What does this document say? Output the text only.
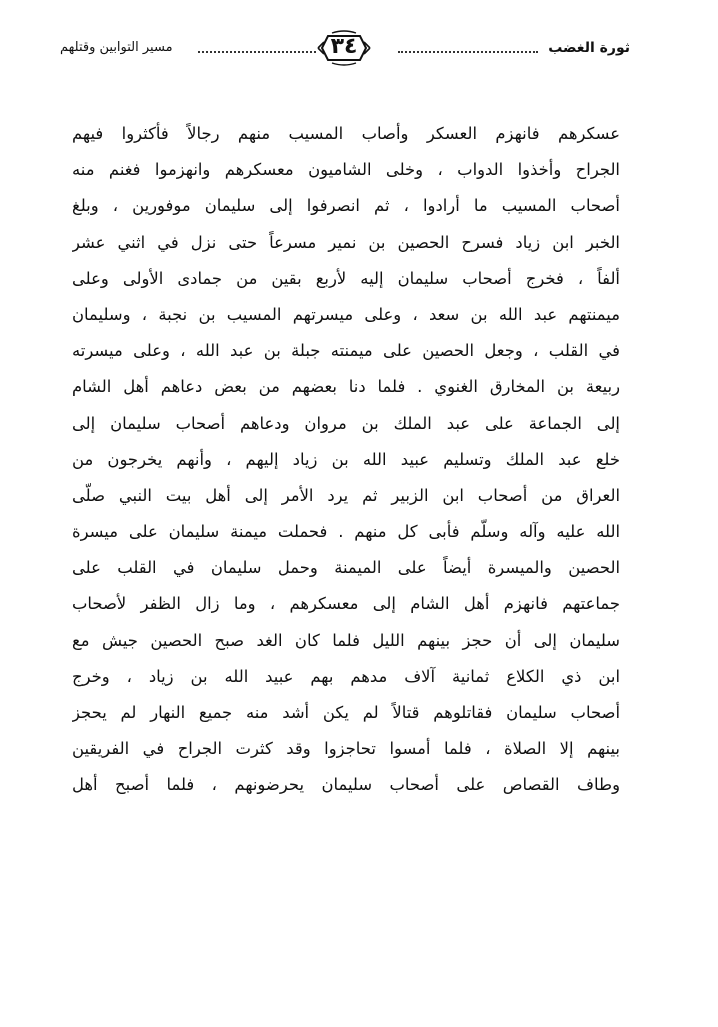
ثورة الغضب
٣٤
مسير التوابين وقتلهم
عسكرهم فانهزم العسكر وأصاب المسيب منهم رجالاً فأكثروا فيهم
الجراح وأخذوا الدواب ، وخلى الشاميون معسكرهم وانهزموا فغنم منه
أصحاب المسيب ما أرادوا ، ثم انصرفوا إلى سليمان موفورين ، وبلغ
الخبر ابن زياد فسرح الحصين بن نمير مسرعاً حتى نزل في اثني عشر
ألفاً ، فخرج أصحاب سليمان إليه لأربع بقين من جمادى الأولى وعلى
ميمنتهم عبد الله بن سعد ، وعلى ميسرتهم المسيب بن نجبة ، وسليمان
في القلب ، وجعل الحصين على ميمنته جبلة بن عبد الله ، وعلى ميسرته
ربيعة بن المخارق الغنوي . فلما دنا بعضهم من بعض دعاهم أهل الشام
إلى الجماعة على عبد الملك بن مروان ودعاهم أصحاب سليمان إلى
خلع عبد الملك وتسليم عبيد الله بن زياد إليهم ، وأنهم يخرجون من
العراق من أصحاب ابن الزبير ثم يرد الأمر إلى أهل بيت النبي صلّى
الله عليه وآله وسلّم فأبى كل منهم . فحملت ميمنة سليمان على ميسرة
الحصين والميسرة أيضاً على الميمنة وحمل سليمان في القلب على
جماعتهم فانهزم أهل الشام إلى معسكرهم ، وما زال الظفر لأصحاب
سليمان إلى أن حجز بينهم الليل فلما كان الغد صبح الحصين جيش مع
ابن ذي الكلاع ثمانية آلاف مدهم بهم عبيد الله بن زياد ، وخرج
أصحاب سليمان فقاتلوهم قتالاً لم يكن أشد منه جميع النهار لم يحجز
بينهم إلا الصلاة ، فلما أمسوا تحاجزوا وقد كثرت الجراح في الفريقين
وطاف القصاص على أصحاب سليمان يحرضونهم ، فلما أصبح أهل
